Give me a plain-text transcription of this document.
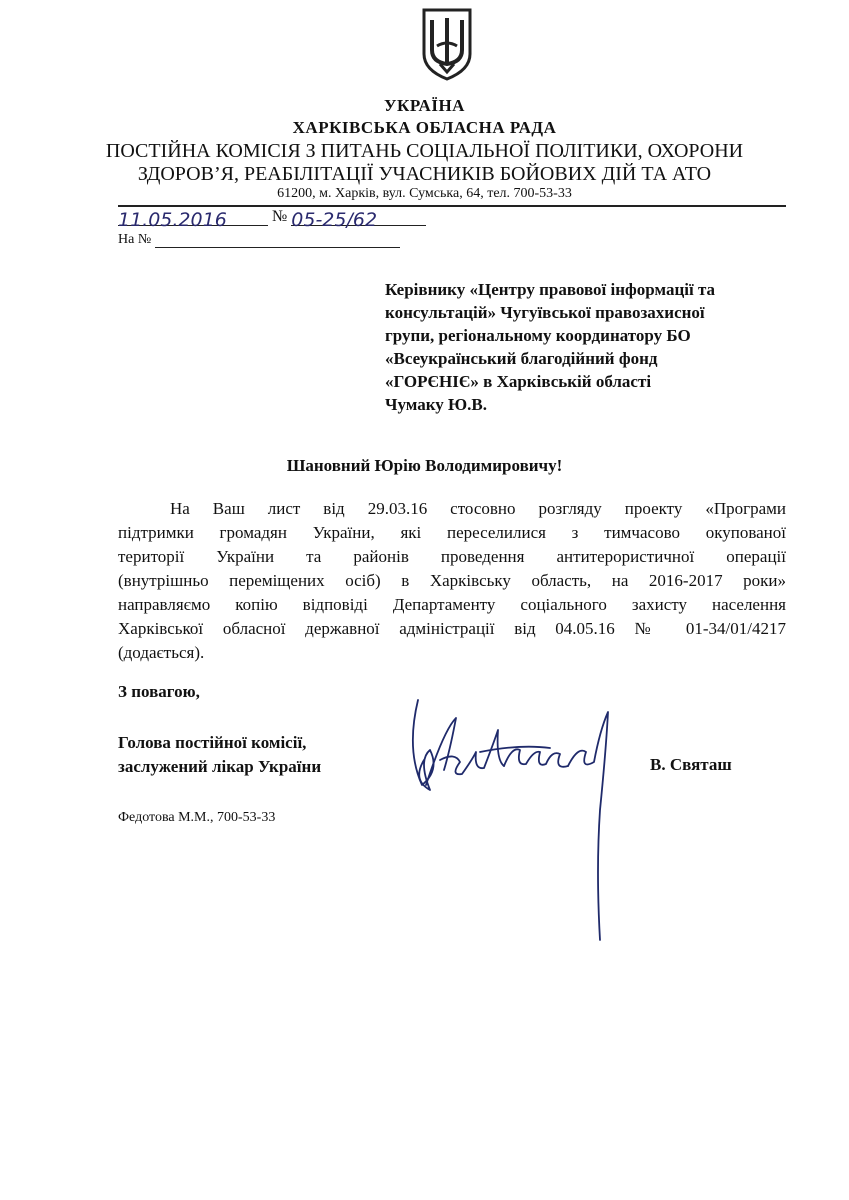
УКРАЇНА
ХАРКІВСЬКА ОБЛАСНА РАДА
ПОСТІЙНА КОМІСІЯ З ПИТАНЬ СОЦІАЛЬНОЇ ПОЛІТИКИ, ОХОРОНИ
ЗДОРОВ’Я, РЕАБІЛІТАЦІЇ УЧАСНИКІВ БОЙОВИХ ДІЙ ТА АТО
61200, м. Харків, вул. Сумська, 64, тел. 700-53-33
11.05.2016	№ 05-25/62
На №
Керівнику «Центру правової інформації та
консультацій» Чугуївської правозахисної
групи, регіональному координатору БО
«Всеукраїнський благодійний фонд
«ГОРЄНІЄ» в Харківській області
Чумаку Ю.В.
Шановний Юрію Володимировичу!
На Ваш лист від 29.03.16 стосовно розгляду проекту «Програми
підтримки громадян України, які переселилися з тимчасово окупованої
території України та районів проведення антитерористичної операції
(внутрішньо переміщених осіб) в Харківську область, на 2016-2017 роки»
направляємо копію відповіді Департаменту соціального захисту населення
Харківської обласної державної адміністрації від 04.05.16 № 01-34/01/4217
(додається).
З повагою,
Голова постійної комісії,
заслужений лікар України	В. Святаш
Федотова М.М., 700-53-33
